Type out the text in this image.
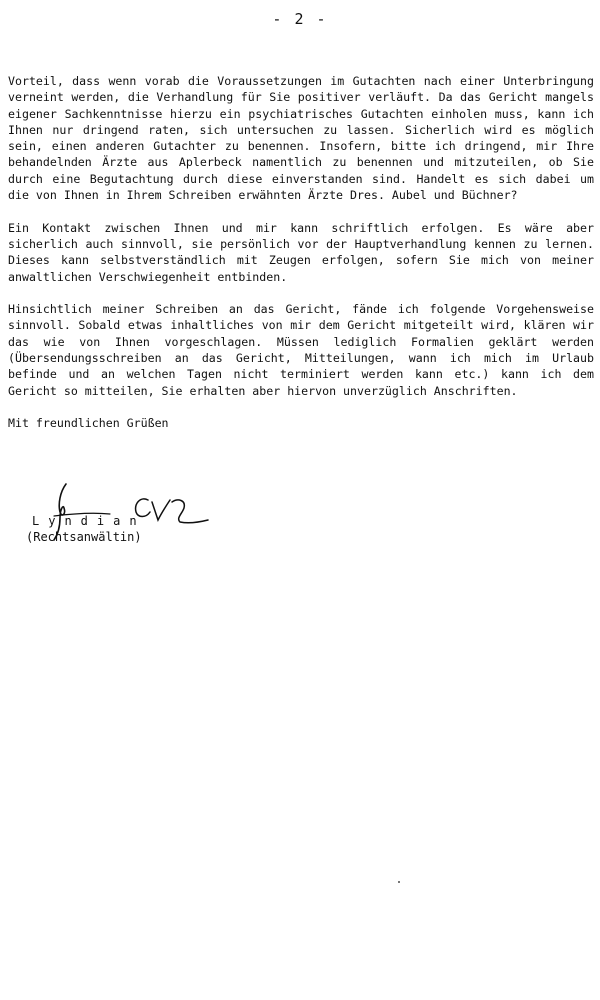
- 2 -

Vorteil, dass wenn vorab die Voraussetzungen im Gutachten nach einer Unterbringung verneint werden, die Verhandlung für Sie positiver verläuft. Da das Gericht mangels eigener Sachkenntnisse hierzu ein psychiatrisches Gutachten einholen muss, kann ich Ihnen nur dringend raten, sich untersuchen zu lassen. Sicherlich wird es möglich sein, einen anderen Gutachter zu benennen. Insofern, bitte ich dringend, mir Ihre behandelnden Ärzte aus Aplerbeck namentlich zu benennen und mitzuteilen, ob Sie durch eine Begutachtung durch diese einverstanden sind. Handelt es sich dabei um die von Ihnen in Ihrem Schreiben erwähnten Ärzte Dres. Aubel und Büchner?

Ein Kontakt zwischen Ihnen und mir kann schriftlich erfolgen. Es wäre aber sicherlich auch sinnvoll, sie persönlich vor der Hauptverhandlung kennen zu lernen. Dieses kann selbstverständlich mit Zeugen erfolgen, sofern Sie mich von meiner anwaltlichen Verschwiegenheit entbinden.

Hinsichtlich meiner Schreiben an das Gericht, fände ich folgende Vorgehensweise sinnvoll. Sobald etwas inhaltliches von mir dem Gericht mitgeteilt wird, klären wir das wie von Ihnen vorgeschlagen. Müssen lediglich Formalien geklärt werden (Übersendungsschreiben an das Gericht, Mitteilungen, wann ich mich im Urlaub befinde und an welchen Tagen nicht terminiert werden kann etc.) kann ich dem Gericht so mitteilen, Sie erhalten aber hiervon unverzüglich Anschriften.

Mit freundlichen Grüßen

Lyndian
(Rechtsanwältin)
